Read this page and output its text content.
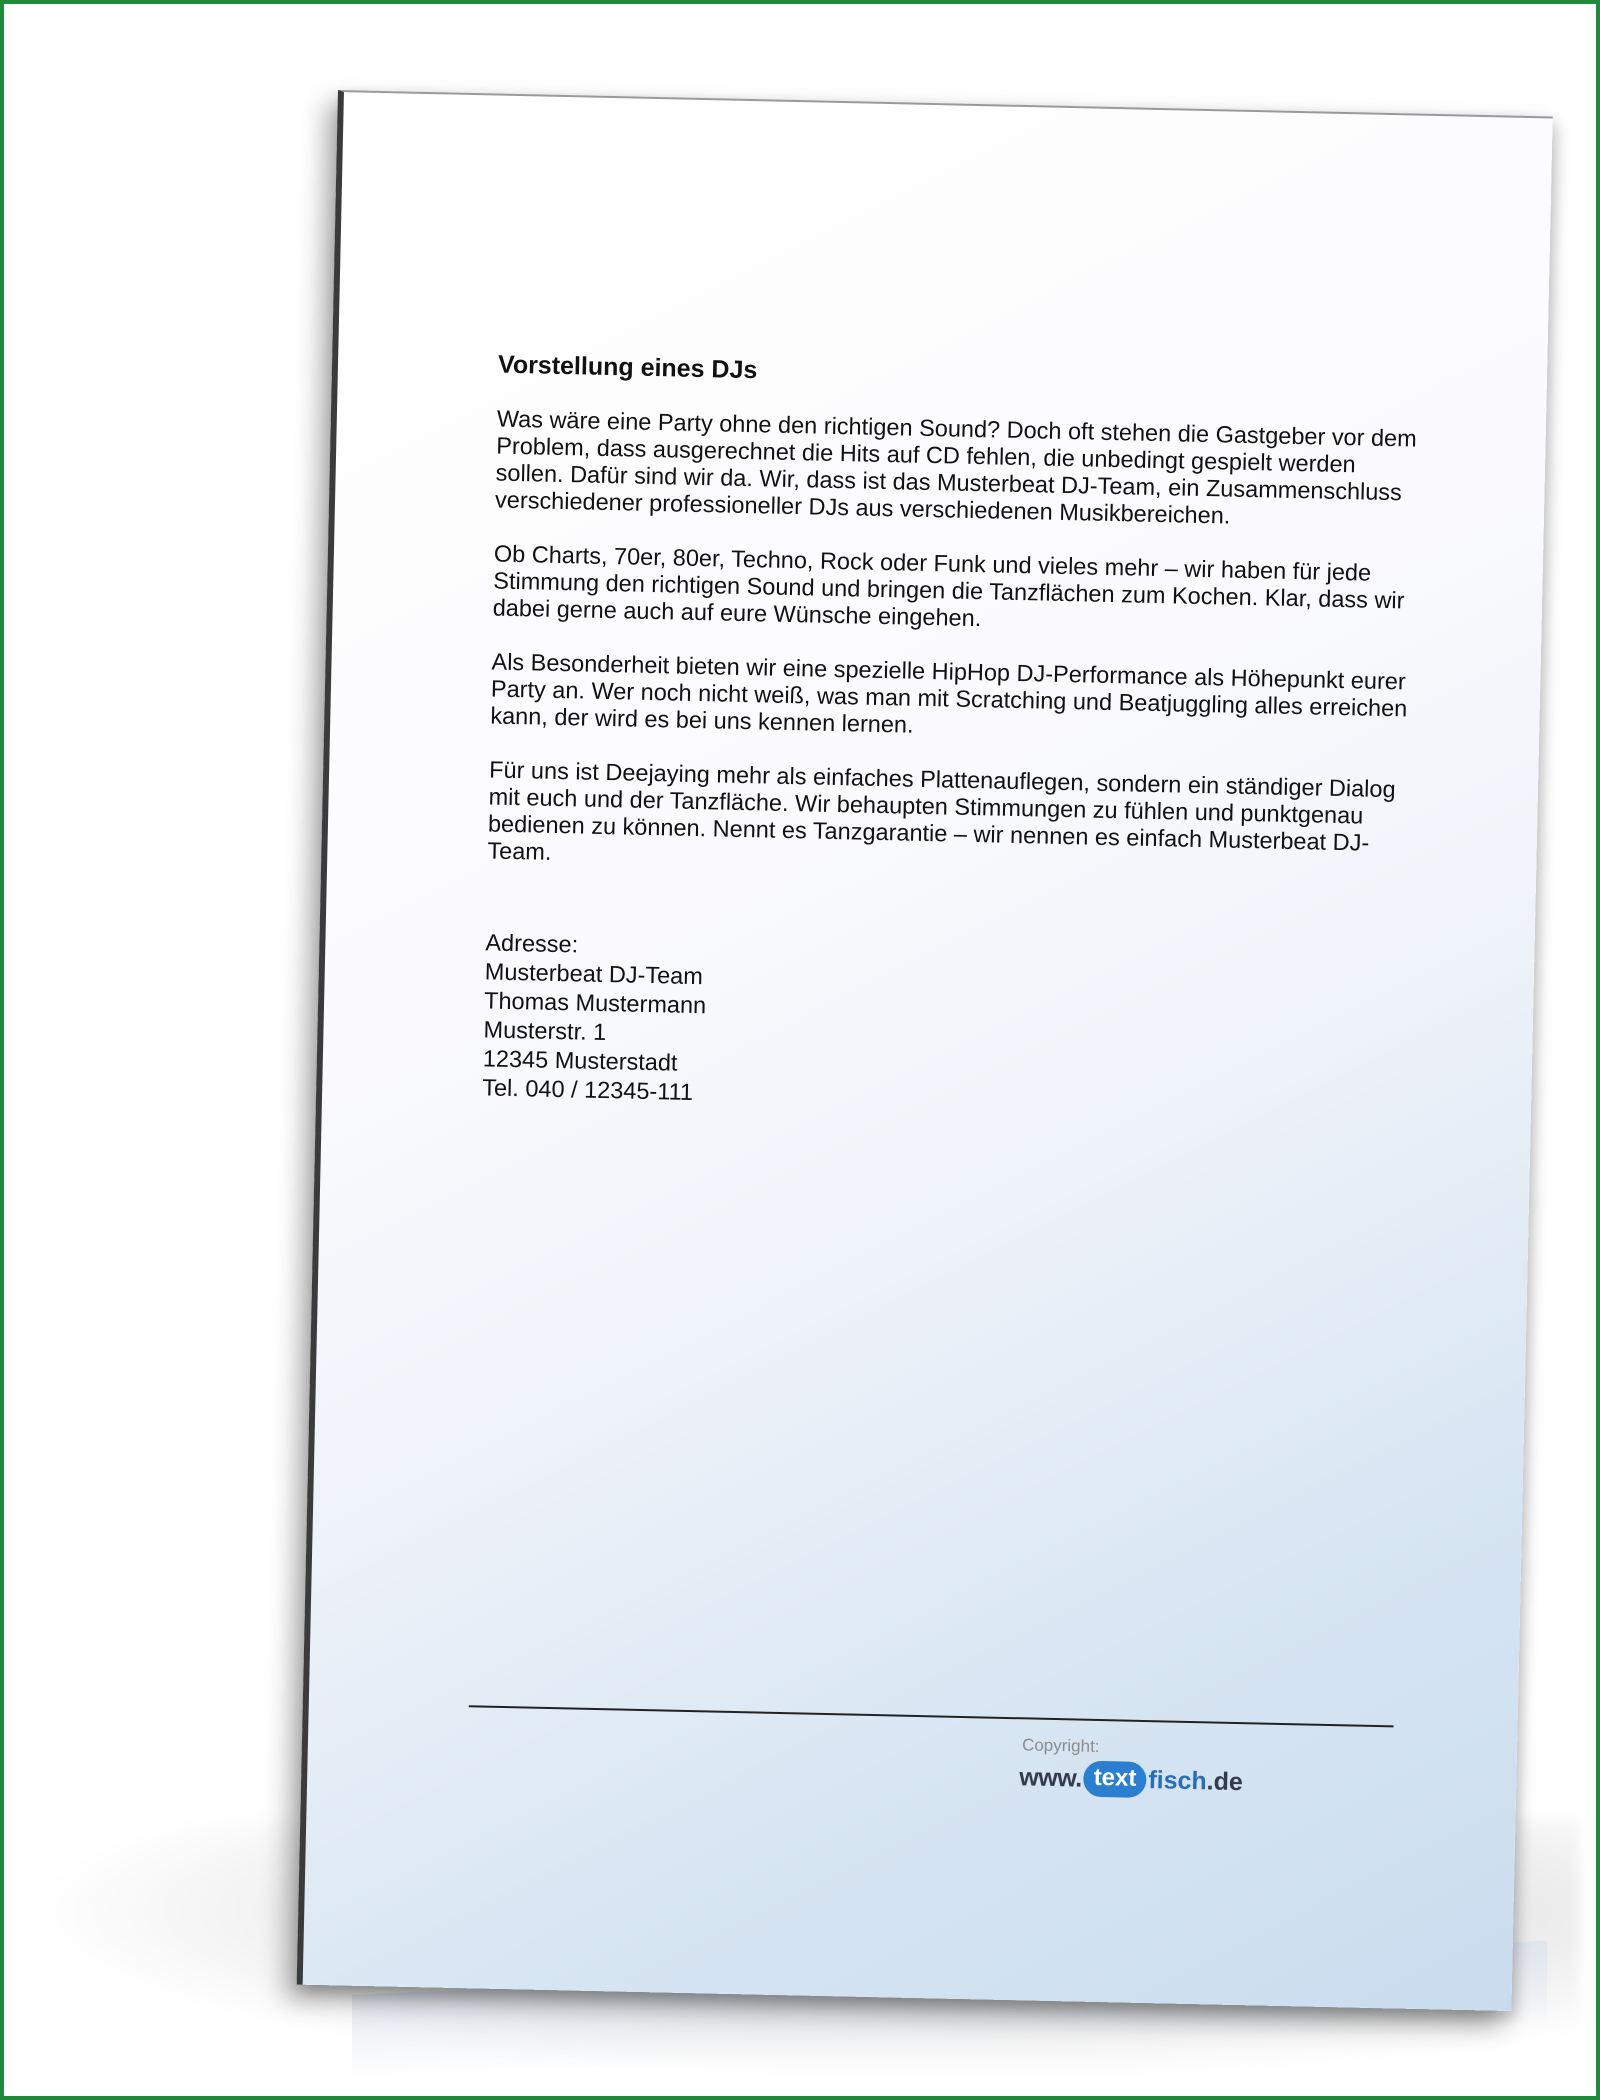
Vorstellung eines DJs

Was wäre eine Party ohne den richtigen Sound? Doch oft stehen die Gastgeber vor dem Problem, dass ausgerechnet die Hits auf CD fehlen, die unbedingt gespielt werden sollen. Dafür sind wir da. Wir, dass ist das Musterbeat DJ-Team, ein Zusammenschluss verschiedener professioneller DJs aus verschiedenen Musikbereichen.

Ob Charts, 70er, 80er, Techno, Rock oder Funk und vieles mehr – wir haben für jede Stimmung den richtigen Sound und bringen die Tanzflächen zum Kochen. Klar, dass wir dabei gerne auch auf eure Wünsche eingehen.

Als Besonderheit bieten wir eine spezielle HipHop DJ-Performance als Höhepunkt eurer Party an. Wer noch nicht weiß, was man mit Scratching und Beatjuggling alles erreichen kann, der wird es bei uns kennen lernen.

Für uns ist Deejaying mehr als einfaches Plattenauflegen, sondern ein ständiger Dialog mit euch und der Tanzfläche. Wir behaupten Stimmungen zu fühlen und punktgenau bedienen zu können. Nennt es Tanzgarantie – wir nennen es einfach Musterbeat DJ-Team.

Adresse:
Musterbeat DJ-Team
Thomas Mustermann
Musterstr. 1
12345 Musterstadt
Tel. 040 / 12345-111
Copyright:
www. text fisch .de
